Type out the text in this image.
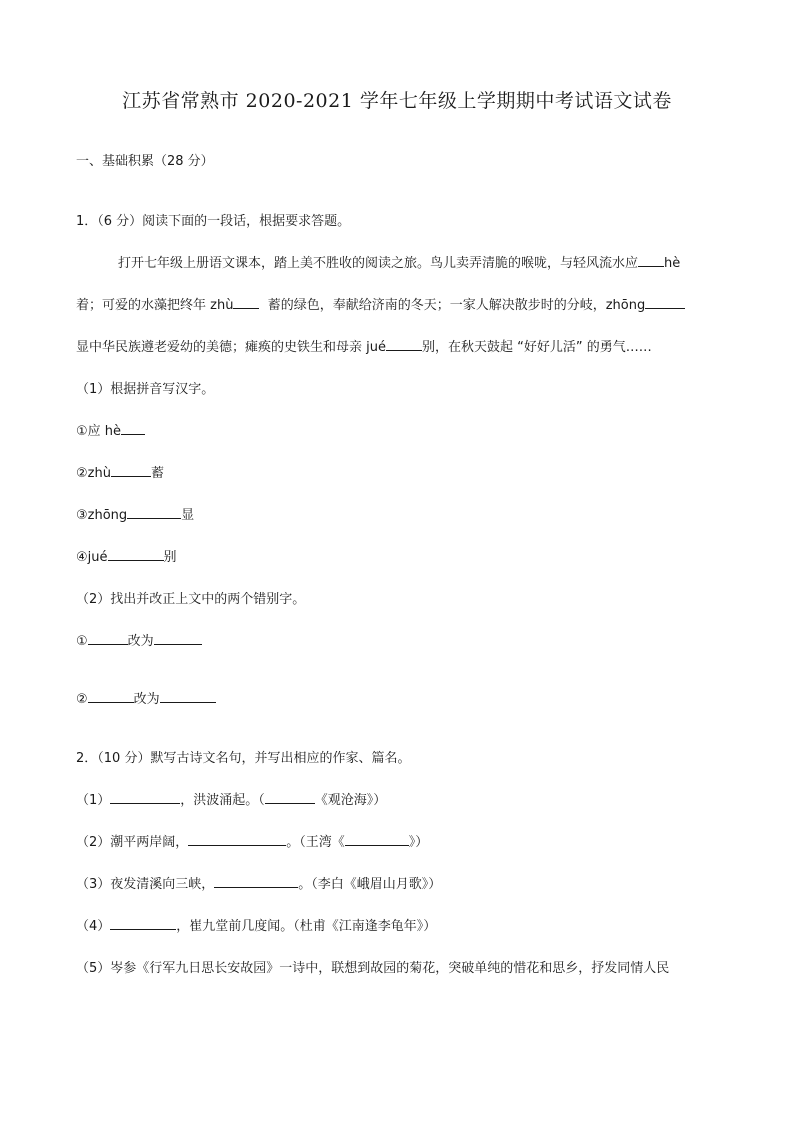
江苏省常熟市 2020-2021 学年七年级上学期期中考试语文试卷
一、基础积累（28 分）
1．（6 分）阅读下面的一段话，根据要求答题。
打开七年级上册语文课本，踏上美不胜收的阅读之旅。鸟儿卖弄清脆的喉咙，与轻风流水应 hè
着；可爱的水藻把终年 zhù	蓄的绿色，奉献给济南的冬天；一家人解决散步时的分岐，zhōng
显中华民族遵老爱幼的美德；瘫痪的史铁生和母亲 jué	别，在秋天鼓起 “好好儿活” 的勇气……
（1）根据拼音写汉字。
①应 hè
②zhù	蓄
③zhōng	显
④jué	别
（2）找出并改正上文中的两个错别字。
①	改为
②	改为
2．（10 分）默写古诗文名句，并写出相应的作家、篇名。
（1）	，洪波涌起。（	《观沧海》）
（2）潮平两岸阔，	。（王湾《	》）
（3）夜发清溪向三峡，	。（李白《峨眉山月歌》）
（4）	，崔九堂前几度闻。（杜甫《江南逢李龟年》）
（5）岑参《行军九日思长安故园》一诗中，联想到故园的菊花，突破单纯的惜花和思乡，抒发同情人民
